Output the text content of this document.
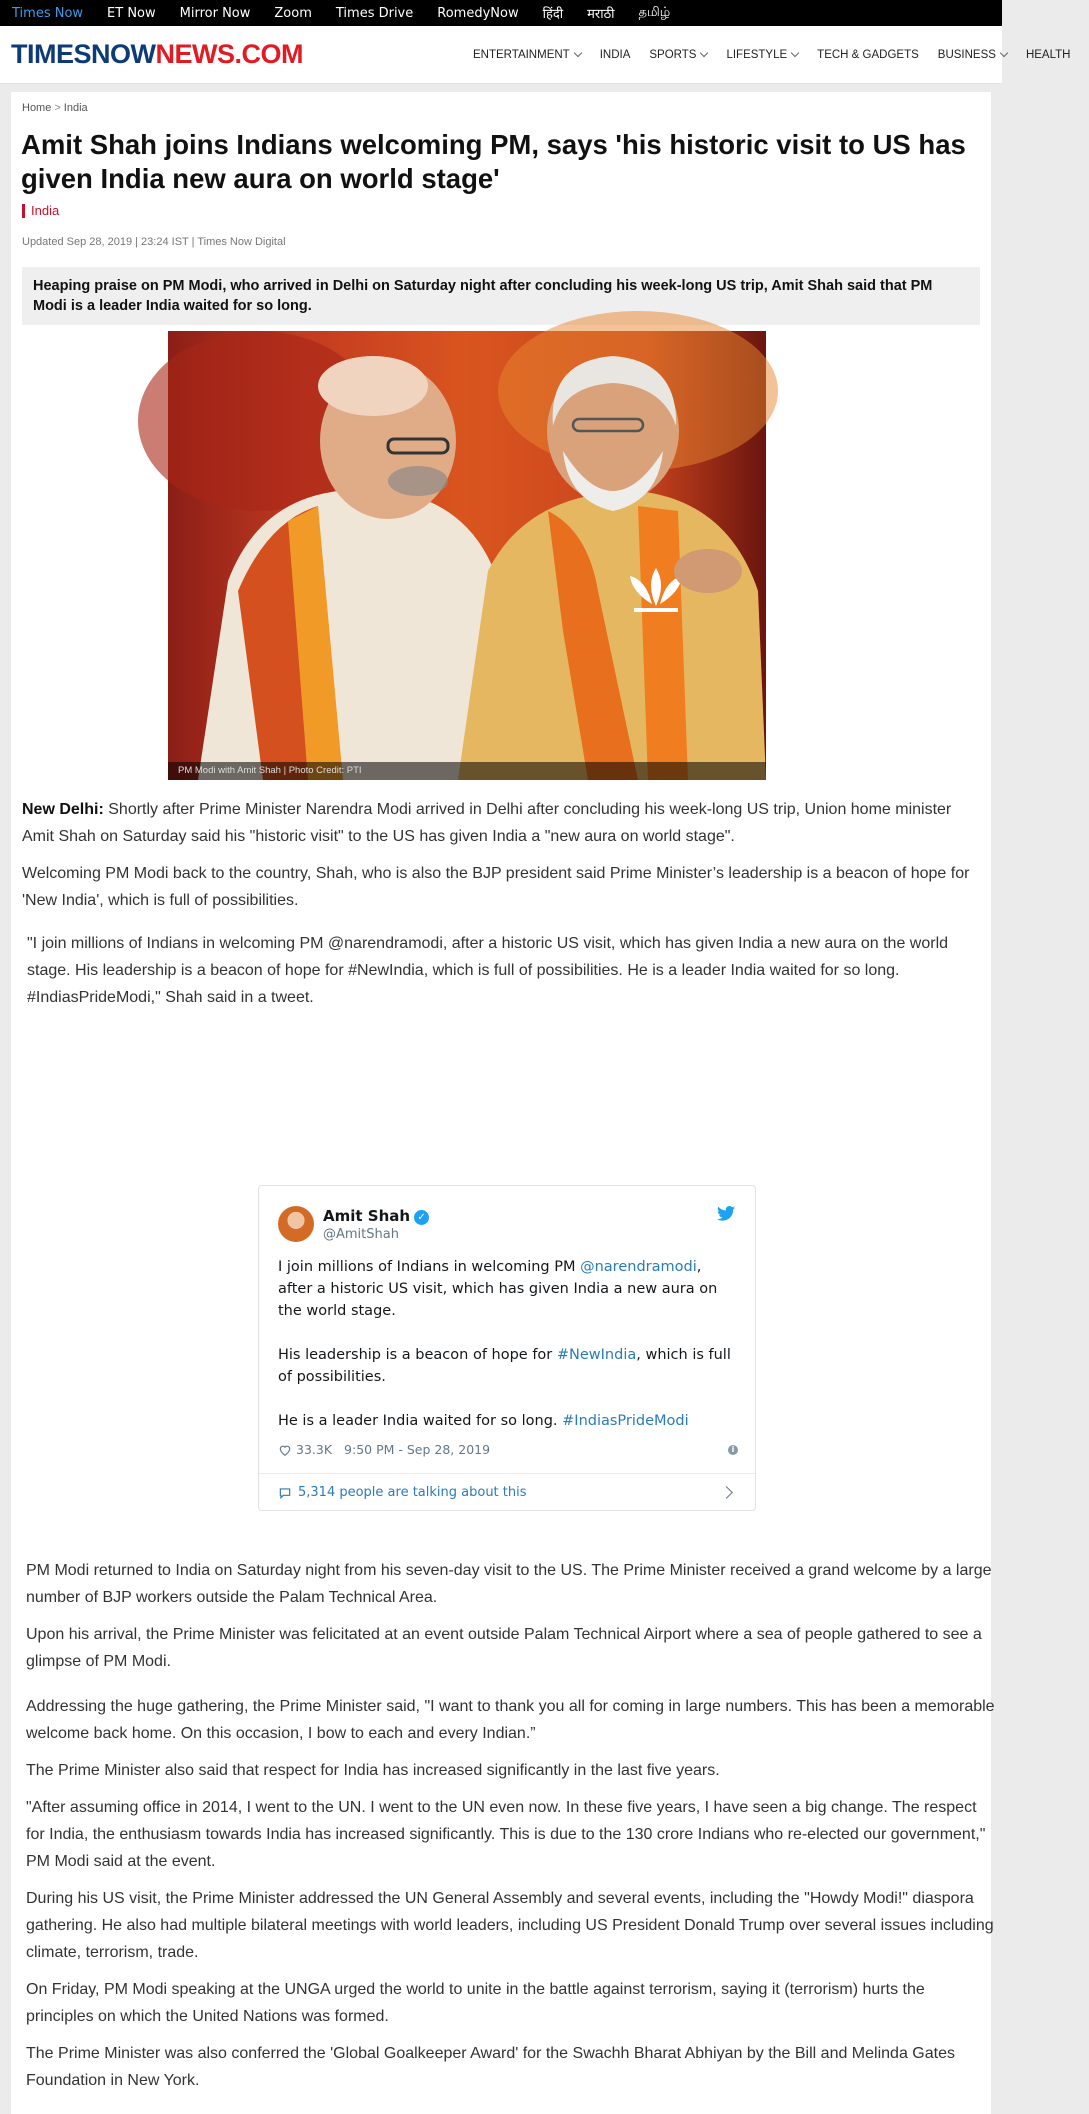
Times Now ET Now Mirror Now Zoom Times Drive RomedyNow हिंदी मराठी தமிழ்
TIMESNOWNEWS.COM	ENTERTAINMENT	INDIA SPORTS	LIFESTYLE	TECH & GADGETS BUSINESS	HEALTH
Home > India
Amit Shah joins Indians welcoming PM, says 'his historic visit to US has given India new aura on world stage'
India
Updated Sep 28, 2019 | 23:24 IST | Times Now Digital
Heaping praise on PM Modi, who arrived in Delhi on Saturday night after concluding his week-long US trip, Amit Shah said that PM Modi is a leader India waited for so long.
PM Modi with Amit Shah | Photo Credit: PTI

New Delhi: Shortly after Prime Minister Narendra Modi arrived in Delhi after concluding his week-long US trip, Union home minister Amit Shah on Saturday said his "historic visit" to the US has given India a "new aura on world stage".

Welcoming PM Modi back to the country, Shah, who is also the BJP president said Prime Minister’s leadership is a beacon of hope for 'New India', which is full of possibilities.

"I join millions of Indians in welcoming PM @narendramodi, after a historic US visit, which has given India a new aura on the world stage. His leadership is a beacon of hope for #NewIndia, which is full of possibilities. He is a leader India waited for so long. #IndiasPrideModi," Shah said in a tweet.

Amit Shah ✓
@AmitShah

I join millions of Indians in welcoming PM @narendramodi, after a historic US visit, which has given India a new aura on the world stage.

His leadership is a beacon of hope for #NewIndia, which is full of possibilities.

He is a leader India waited for so long. #IndiasPrideModi

33.3K 9:50 PM - Sep 28, 2019	i
5,314 people are talking about this

PM Modi returned to India on Saturday night from his seven-day visit to the US. The Prime Minister received a grand welcome by a large number of BJP workers outside the Palam Technical Area.

Upon his arrival, the Prime Minister was felicitated at an event outside Palam Technical Airport where a sea of people gathered to see a glimpse of PM Modi.

Addressing the huge gathering, the Prime Minister said, "I want to thank you all for coming in large numbers. This has been a memorable welcome back home. On this occasion, I bow to each and every Indian.”

The Prime Minister also said that respect for India has increased significantly in the last five years.

"After assuming office in 2014, I went to the UN. I went to the UN even now. In these five years, I have seen a big change. The respect for India, the enthusiasm towards India has increased significantly. This is due to the 130 crore Indians who re-elected our government," PM Modi said at the event.

During his US visit, the Prime Minister addressed the UN General Assembly and several events, including the "Howdy Modi!" diaspora gathering. He also had multiple bilateral meetings with world leaders, including US President Donald Trump over several issues including climate, terrorism, trade.

On Friday, PM Modi speaking at the UNGA urged the world to unite in the battle against terrorism, saying it (terrorism) hurts the principles on which the United Nations was formed.

The Prime Minister was also conferred the 'Global Goalkeeper Award' for the Swachh Bharat Abhiyan by the Bill and Melinda Gates Foundation in New York.
